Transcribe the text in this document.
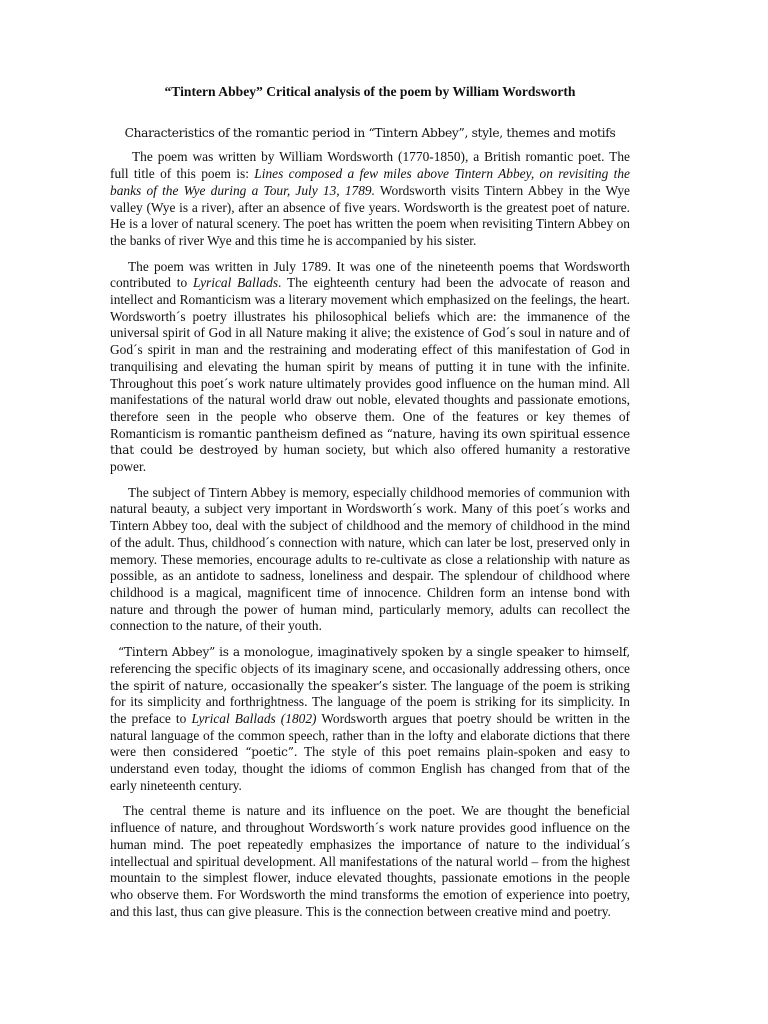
“Tintern Abbey” Critical analysis of the poem by William Wordsworth
Characteristics of the romantic period in “Tintern Abbey”, style, themes and motifs

The poem was written by William Wordsworth (1770-1850), a British romantic poet. The full title of this poem is: Lines composed a few miles above Tintern Abbey, on revisiting the banks of the Wye during a Tour, July 13, 1789. Wordsworth visits Tintern Abbey in the Wye valley (Wye is a river), after an absence of five years. Wordsworth is the greatest poet of nature. He is a lover of natural scenery. The poet has written the poem when revisiting Tintern Abbey on the banks of river Wye and this time he is accompanied by his sister.

The poem was written in July 1789. It was one of the nineteenth poems that Wordsworth contributed to Lyrical Ballads. The eighteenth century had been the advocate of reason and intellect and Romanticism was a literary movement which emphasized on the feelings, the heart. Wordsworth´s poetry illustrates his philosophical beliefs which are: the immanence of the universal spirit of God in all Nature making it alive; the existence of God´s soul in nature and of God´s spirit in man and the restraining and moderating effect of this manifestation of God in tranquilising and elevating the human spirit by means of putting it in tune with the infinite. Throughout this poet´s work nature ultimately provides good influence on the human mind. All manifestations of the natural world draw out noble, elevated thoughts and passionate emotions, therefore seen in the people who observe them. One of the features or key themes of Romanticism is romantic pantheism defined as “nature, having its own spiritual essence that could be destroyed by human society, but which also offered humanity a restorative power.

The subject of Tintern Abbey is memory, especially childhood memories of communion with natural beauty, a subject very important in Wordsworth´s work. Many of this poet´s works and Tintern Abbey too, deal with the subject of childhood and the memory of childhood in the mind of the adult. Thus, childhood´s connection with nature, which can later be lost, preserved only in memory. These memories, encourage adults to re-cultivate as close a relationship with nature as possible, as an antidote to sadness, loneliness and despair. The splendour of childhood where childhood is a magical, magnificent time of innocence. Children form an intense bond with nature and through the power of human mind, particularly memory, adults can recollect the connection to the nature, of their youth.

“Tintern Abbey” is a monologue, imaginatively spoken by a single speaker to himself, referencing the specific objects of its imaginary scene, and occasionally addressing others, once the spirit of nature, occasionally the speaker’s sister. The language of the poem is striking for its simplicity and forthrightness. The language of the poem is striking for its simplicity. In the preface to Lyrical Ballads (1802) Wordsworth argues that poetry should be written in the natural language of the common speech, rather than in the lofty and elaborate dictions that there were then considered “poetic”. The style of this poet remains plain-spoken and easy to understand even today, thought the idioms of common English has changed from that of the early nineteenth century.

The central theme is nature and its influence on the poet. We are thought the beneficial influence of nature, and throughout Wordsworth´s work nature provides good influence on the human mind. The poet repeatedly emphasizes the importance of nature to the individual´s intellectual and spiritual development. All manifestations of the natural world – from the highest mountain to the simplest flower, induce elevated thoughts, passionate emotions in the people who observe them. For Wordsworth the mind transforms the emotion of experience into poetry, and this last, thus can give pleasure. This is the connection between creative mind and poetry.
